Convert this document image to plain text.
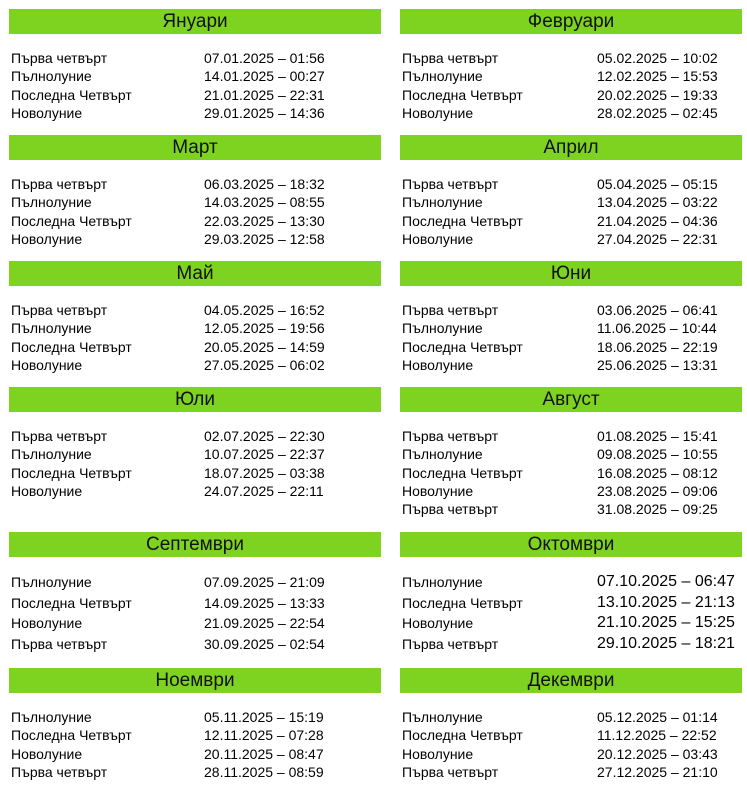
Януари
Първа четвърт	07.01.2025 – 01:56
Пълнолуние	14.01.2025 – 00:27
Последна Четвърт	21.01.2025 – 22:31
Новолуние	29.01.2025 – 14:36
Февруари
Първа четвърт	05.02.2025 – 10:02
Пълнолуние	12.02.2025 – 15:53
Последна Четвърт	20.02.2025 – 19:33
Новолуние	28.02.2025 – 02:45
Март
Първа четвърт	06.03.2025 – 18:32
Пълнолуние	14.03.2025 – 08:55
Последна Четвърт	22.03.2025 – 13:30
Новолуние	29.03.2025 – 12:58
Април
Първа четвърт	05.04.2025 – 05:15
Пълнолуние	13.04.2025 – 03:22
Последна Четвърт	21.04.2025 – 04:36
Новолуние	27.04.2025 – 22:31
Май
Първа четвърт	04.05.2025 – 16:52
Пълнолуние	12.05.2025 – 19:56
Последна Четвърт	20.05.2025 – 14:59
Новолуние	27.05.2025 – 06:02
Юни
Първа четвърт	03.06.2025 – 06:41
Пълнолуние	11.06.2025 – 10:44
Последна Четвърт	18.06.2025 – 22:19
Новолуние	25.06.2025 – 13:31
Юли
Първа четвърт	02.07.2025 – 22:30
Пълнолуние	10.07.2025 – 22:37
Последна Четвърт	18.07.2025 – 03:38
Новолуние	24.07.2025 – 22:11
Август
Първа четвърт	01.08.2025 – 15:41
Пълнолуние	09.08.2025 – 10:55
Последна Четвърт	16.08.2025 – 08:12
Новолуние	23.08.2025 – 09:06
Първа четвърт	31.08.2025 – 09:25
Септември
Пълнолуние	07.09.2025 – 21:09
Последна Четвърт	14.09.2025 – 13:33
Новолуние	21.09.2025 – 22:54
Първа четвърт	30.09.2025 – 02:54
Октомври
Пълнолуние	07.10.2025 – 06:47
Последна Четвърт	13.10.2025 – 21:13
Новолуние	21.10.2025 – 15:25
Първа четвърт	29.10.2025 – 18:21
Ноември
Пълнолуние	05.11.2025 – 15:19
Последна Четвърт	12.11.2025 – 07:28
Новолуние	20.11.2025 – 08:47
Първа четвърт	28.11.2025 – 08:59
Декември
Пълнолуние	05.12.2025 – 01:14
Последна Четвърт	11.12.2025 – 22:52
Новолуние	20.12.2025 – 03:43
Първа четвърт	27.12.2025 – 21:10
